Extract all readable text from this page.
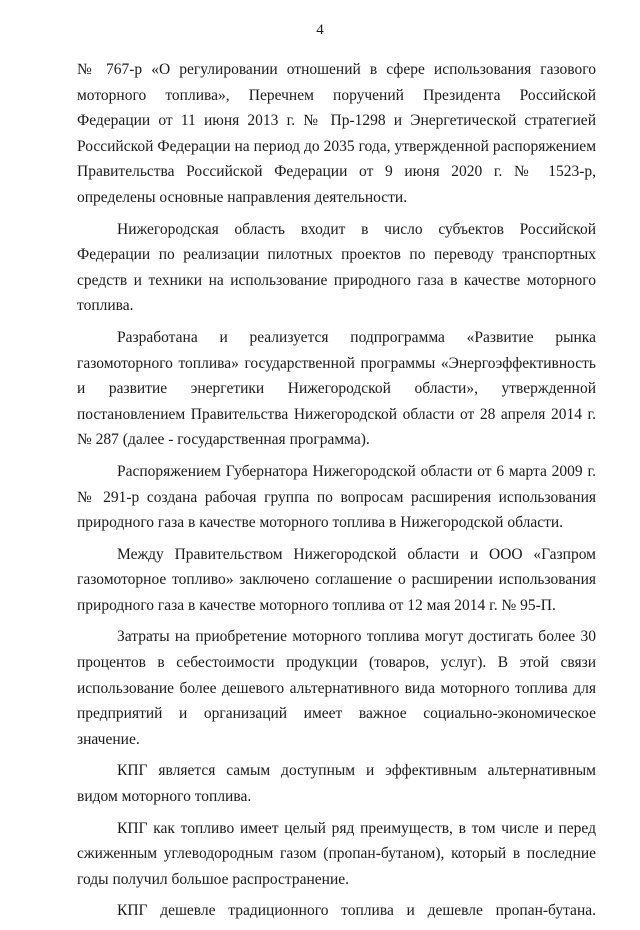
4

№ 767-р «О регулировании отношений в сфере использования газового моторного топлива», Перечнем поручений Президента Российской Федерации от 11 июня 2013 г. № Пр-1298 и Энергетической стратегией Российской Федерации на период до 2035 года, утвержденной распоряжением Правительства Российской Федерации от 9 июня 2020 г. № 1523-р, определены основные направления деятельности.

Нижегородская область входит в число субъектов Российской Федерации по реализации пилотных проектов по переводу транспортных средств и техники на использование природного газа в качестве моторного топлива.

Разработана и реализуется подпрограмма «Развитие рынка газомоторного топлива» государственной программы «Энергоэффективность и развитие энергетики Нижегородской области», утвержденной постановлением Правительства Нижегородской области от 28 апреля 2014 г. № 287 (далее - государственная программа).

Распоряжением Губернатора Нижегородской области от 6 марта 2009 г. № 291-р создана рабочая группа по вопросам расширения использования природного газа в качестве моторного топлива в Нижегородской области.

Между Правительством Нижегородской области и ООО «Газпром газомоторное топливо» заключено соглашение о расширении использования природного газа в качестве моторного топлива от 12 мая 2014 г. № 95-П.

Затраты на приобретение моторного топлива могут достигать более 30 процентов в себестоимости продукции (товаров, услуг). В этой связи использование более дешевого альтернативного вида моторного топлива для предприятий и организаций имеет важное социально-экономическое значение.

КПГ является самым доступным и эффективным альтернативным видом моторного топлива.

КПГ как топливо имеет целый ряд преимуществ, в том числе и перед сжиженным углеводородным газом (пропан-бутаном), который в последние годы получил большое распространение.

КПГ дешевле традиционного топлива и дешевле пропан-бутана.
